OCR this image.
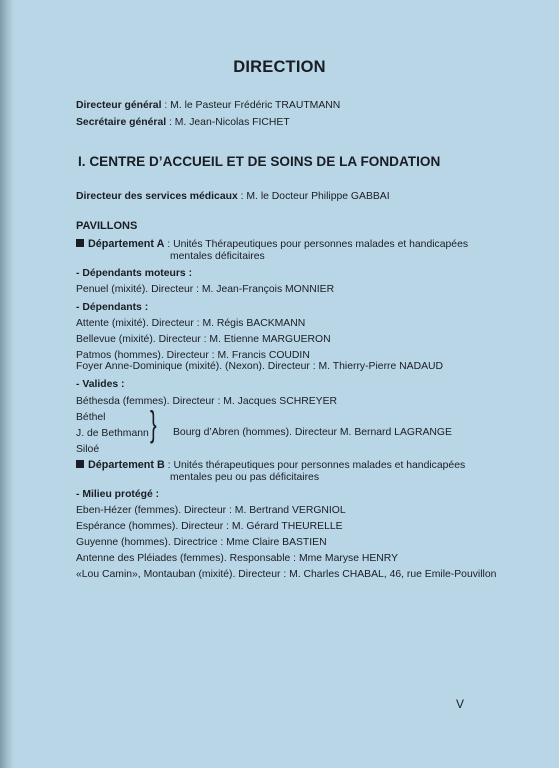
DIRECTION
Directeur général : M. le Pasteur Frédéric TRAUTMANN
Secrétaire général : M. Jean-Nicolas FICHET
I. CENTRE D’ACCUEIL ET DE SOINS DE LA FONDATION
Directeur des services médicaux : M. le Docteur Philippe GABBAI
PAVILLONS
Département A : Unités Thérapeutiques pour personnes malades et handicapées
mentales déficitaires
- Dépendants moteurs :
Penuel (mixité). Directeur : M. Jean-François MONNIER
- Dépendants :
Attente (mixité). Directeur : M. Régis BACKMANN
Bellevue (mixité). Directeur : M. Etienne MARGUERON
Patmos (hommes). Directeur : M. Francis COUDIN
Foyer Anne-Dominique (mixité). (Nexon). Directeur : M. Thierry-Pierre NADAUD
- Valides :
Béthesda (femmes). Directeur : M. Jacques SCHREYER
Béthel
J. de Bethmann
Siloé
} Bourg d’Abren (hommes). Directeur M. Bernard LAGRANGE
Département B : Unités thérapeutiques pour personnes malades et handicapées
mentales peu ou pas déficitaires
- Milieu protégé :
Eben-Hézer (femmes). Directeur : M. Bertrand VERGNIOL
Espérance (hommes). Directeur : M. Gérard THEURELLE
Guyenne (hommes). Directrice : Mme Claire BASTIEN
Antenne des Pléiades (femmes). Responsable : Mme Maryse HENRY
«Lou Camin», Montauban (mixité). Directeur : M. Charles CHABAL, 46, rue Emile-Pouvillon
V
